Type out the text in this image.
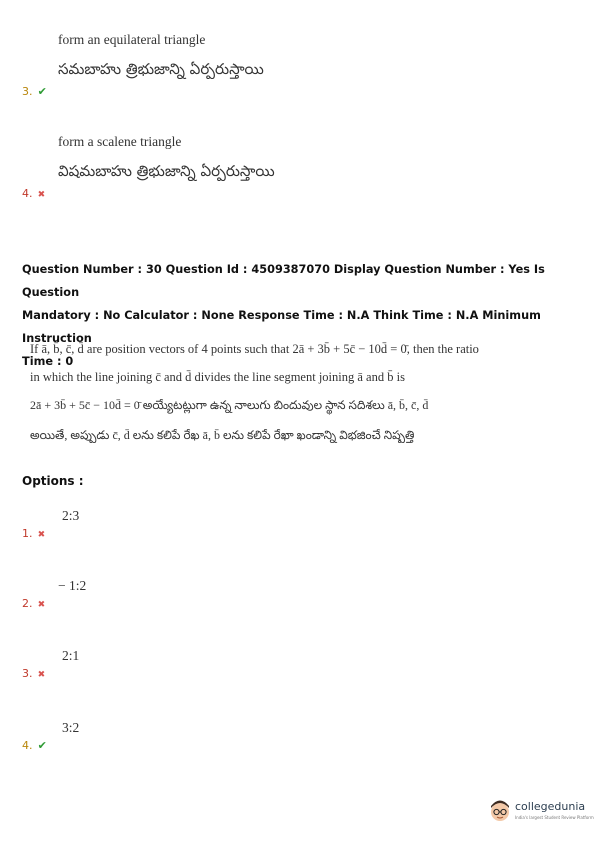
form an equilateral triangle
సమబాహు త్రిభుజాన్ని ఏర్పరుస్తాయి
3. ✔
form a scalene triangle
విషమబాహు త్రిభుజాన్ని ఏర్పరుస్తాయి
4. ✖
Question Number : 30 Question Id : 4509387070 Display Question Number : Yes Is Question
Mandatory : No Calculator : None Response Time : N.A Think Time : N.A Minimum Instruction
Time : 0
If ā, b̄, c̄, d̄ are position vectors of 4 points such that 2ā + 3b̄ + 5c̄ − 10d̄ = 0̄, then the ratio
in which the line joining c̄ and d̄ divides the line segment joining ā and b̄ is
2ā + 3b̄ + 5c̄ − 10d̄ = 0̄ అయ్యేటట్లుగా ఉన్న నాలుగు బిందువుల స్థాన సదిశలు ā, b̄, c̄, d̄
అయితే, అప్పుడు c̄, d̄ లను కలిపే రేఖ ā, b̄ లను కలిపే రేఖా ఖండాన్ని విభజించే నిష్పత్తి
Options :
2:3
1. ✖
− 1:2
2. ✖
2:1
3. ✖
3:2
4. ✔
collegedunia
India's largest Student Review Platform
